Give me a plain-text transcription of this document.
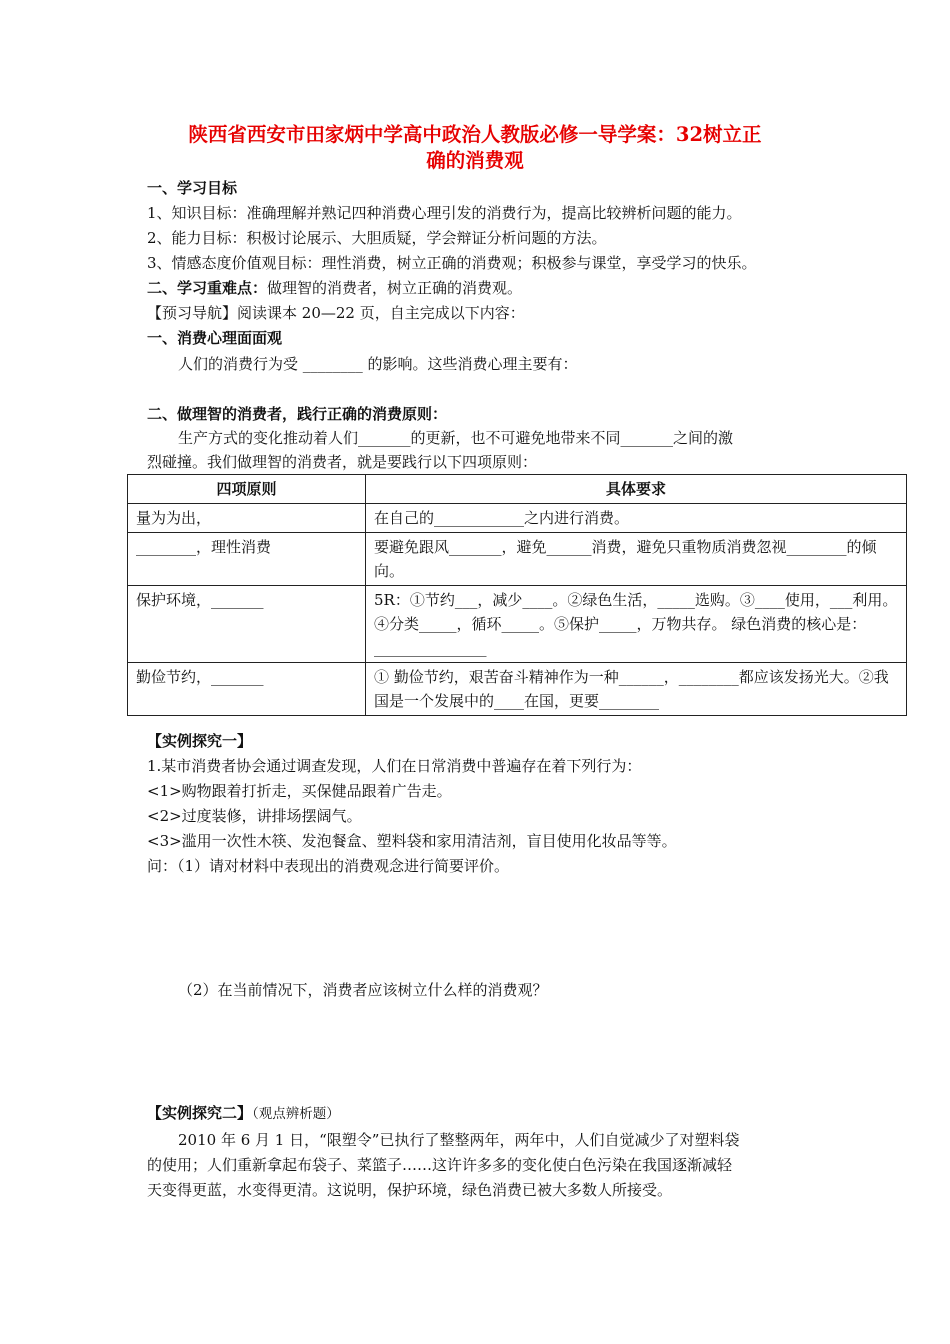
陕西省西安市田家炳中学高中政治人教版必修一导学案：32树立正
确的消费观
一、学习目标
1、知识目标：准确理解并熟记四种消费心理引发的消费行为，提高比较辨析问题的能力。
2、能力目标：积极讨论展示、大胆质疑，学会辩证分析问题的方法。
3、情感态度价值观目标：理性消费，树立正确的消费观；积极参与课堂，享受学习的快乐。
二、学习重难点：做理智的消费者，树立正确的消费观。
【预习导航】阅读课本 20—22 页，自主完成以下内容：
一、消费心理面面观
人们的消费行为受 ________ 的影响。这些消费心理主要有：
二、做理智的消费者，践行正确的消费原则：
生产方式的变化推动着人们_______的更新，也不可避免地带来不同_______之间的激
烈碰撞。我们做理智的消费者，就是要践行以下四项原则：
四项原则	具体要求
量为为出，	在自己的____________之内进行消费。
________，理性消费	要避免跟风_______，避免______消费，避免只重物质消费忽视________的倾向。
保护环境，_______	5R：①节约___，减少____。②绿色生活，_____选购。③____使用，___利用。④分类_____，循环_____。⑤保护_____，万物共存。 绿色消费的核心是：_______________
勤俭节约，_______	① 勤俭节约，艰苦奋斗精神作为一种______，________都应该发扬光大。②我国是一个发展中的____在国，更要________
【实例探究一】
1.某市消费者协会通过调查发现，人们在日常消费中普遍存在着下列行为：
<1>购物跟着打折走，买保健品跟着广告走。
<2>过度装修，讲排场摆阔气。
<3>滥用一次性木筷、发泡餐盒、塑料袋和家用清洁剂，盲目使用化妆品等等。
问：（1）请对材料中表现出的消费观念进行简要评价。
（2）在当前情况下，消费者应该树立什么样的消费观？
【实例探究二】（观点辨析题）
2010 年 6 月 1 日，“限塑令”已执行了整整两年，两年中，人们自觉减少了对塑料袋
的使用；人们重新拿起布袋子、菜篮子……这许许多多的变化使白色污染在我国逐渐减轻
天变得更蓝，水变得更清。这说明，保护环境，绿色消费已被大多数人所接受。
